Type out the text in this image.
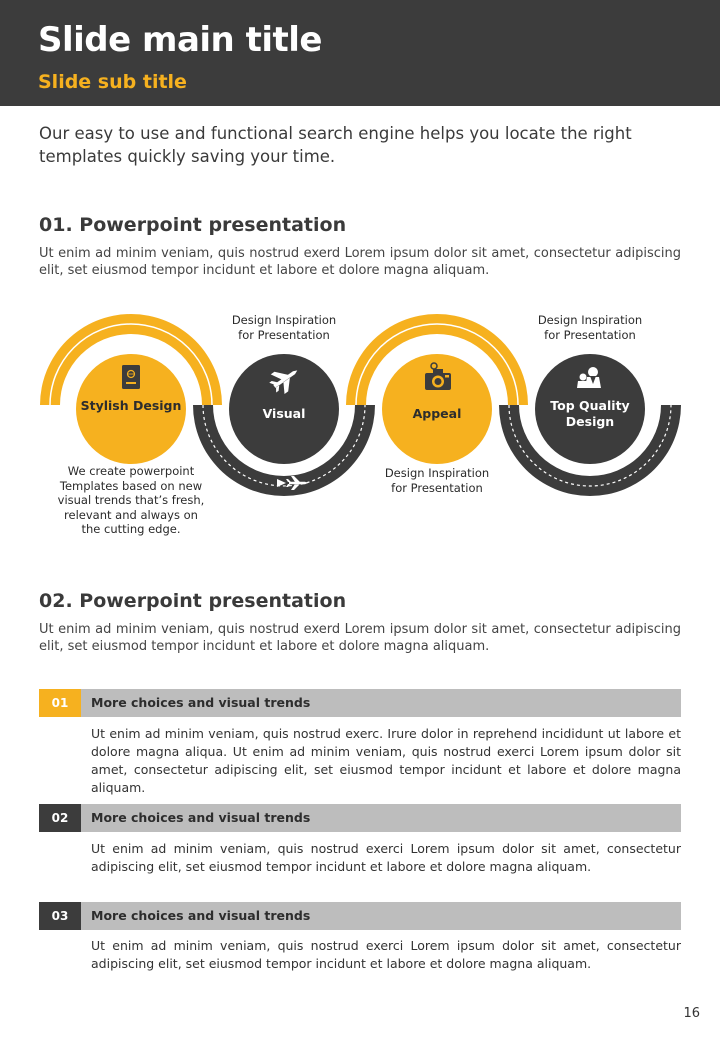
Slide main title
Slide sub title

Our easy to use and functional search engine helps you locate the right templates quickly saving your time.

01. Powerpoint presentation

Ut enim ad minim veniam, quis nostrud exerd Lorem ipsum dolor sit amet, consectetur adipiscing elit, set eiusmod tempor incidunt et labore et dolore magna aliquam.

Stylish Design
Visual	Appeal
Top Quality Design
We create powerpoint Templates based on new visual trends that’s fresh, relevant and always on the cutting edge.
Design Inspiration for Presentation
Design Inspiration for Presentation
Design Inspiration for Presentation
02. Powerpoint presentation

Ut enim ad minim veniam, quis nostrud exerd Lorem ipsum dolor sit amet, consectetur adipiscing elit, set eiusmod tempor incidunt et labore et dolore magna aliquam.

01	More choices and visual trends

Ut enim ad minim veniam, quis nostrud exerc. Irure dolor in reprehend incididunt ut labore et dolore magna aliqua. Ut enim ad minim veniam, quis nostrud exerci Lorem ipsum dolor sit amet, consectetur adipiscing elit, set eiusmod tempor incidunt et labore et dolore magna aliquam.

02	More choices and visual trends

Ut enim ad minim veniam, quis nostrud exerci Lorem ipsum dolor sit amet, consectetur adipiscing elit, set eiusmod tempor incidunt et labore et dolore magna aliquam.

03	More choices and visual trends

Ut enim ad minim veniam, quis nostrud exerci Lorem ipsum dolor sit amet, consectetur adipiscing elit, set eiusmod tempor incidunt et labore et dolore magna aliquam.

16
